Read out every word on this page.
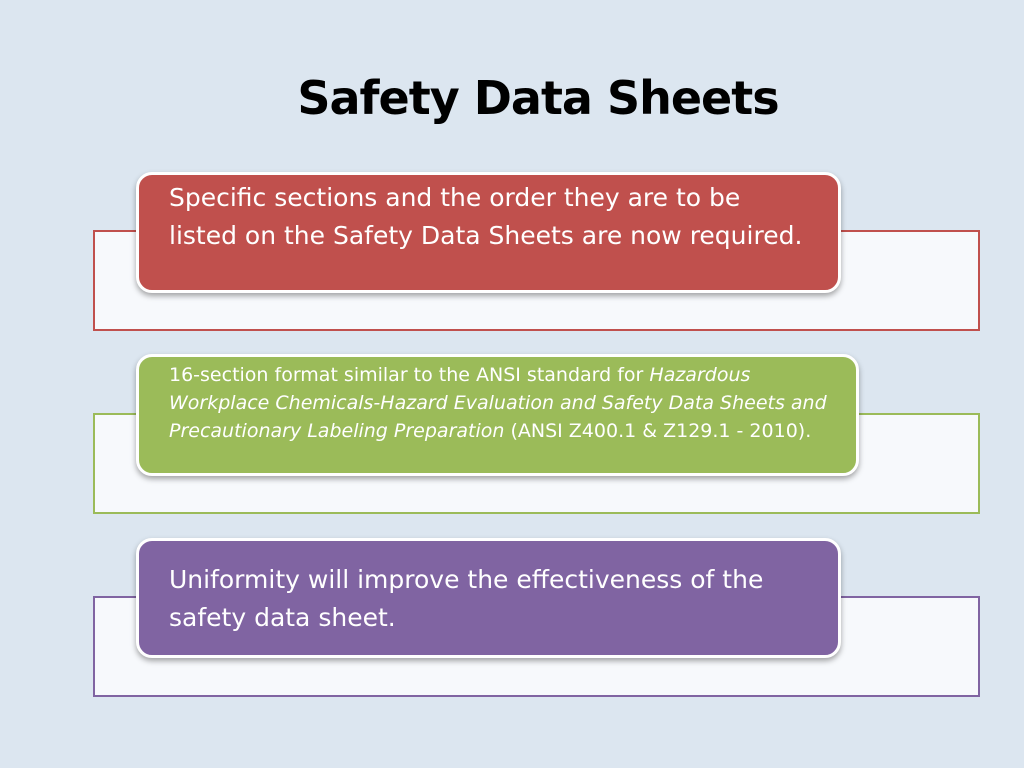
Safety Data Sheets
Specific sections and the order they are to be listed on the Safety Data Sheets are now required.
16-section format similar to the ANSI standard for Hazardous Workplace Chemicals-Hazard Evaluation and Safety Data Sheets and Precautionary Labeling Preparation (ANSI Z400.1 & Z129.1 - 2010).
Uniformity will improve the effectiveness of the safety data sheet.
